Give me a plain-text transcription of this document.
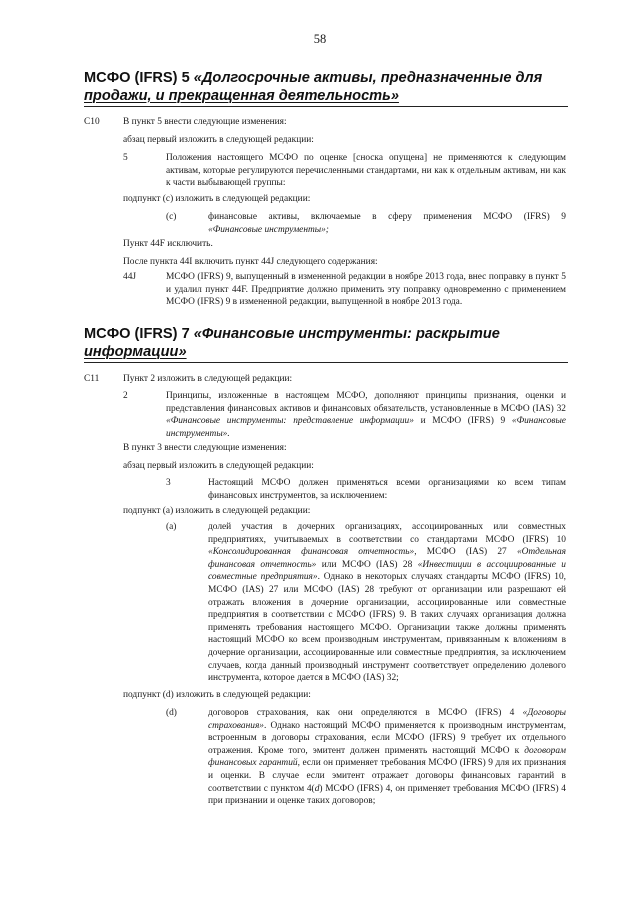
58
МСФО (IFRS) 5 «Долгосрочные активы, предназначенные для
продажи, и прекращенная деятельность»
C10 В пункт 5 внести следующие изменения:
абзац первый изложить в следующей редакции:
5	Положения настоящего МСФО по оценке [сноска опущена] не применяются к следующим активам, которые регулируются перечисленными стандартами, ни как к отдельным активам, ни как к части выбывающей группы:
подпункт (с) изложить в следующей редакции:
(c)	финансовые активы, включаемые в сферу применения МСФО (IFRS) 9
«Финансовые инструменты»;
Пункт 44F исключить.
После пункта 44I включить пункт 44J следующего содержания:
44J	МСФО (IFRS) 9, выпущенный в измененной редакции в ноябре 2013 года, внес поправку в пункт 5 и удалил пункт 44F. Предприятие должно применить эту поправку одновременно с применением МСФО (IFRS) 9 в измененной редакции, выпущенной в ноябре 2013 года.
МСФО (IFRS) 7 «Финансовые инструменты: раскрытие
информации»
C11	Пункт 2 изложить в следующей редакции:
2	Принципы, изложенные в настоящем МСФО, дополняют принципы признания, оценки и представления финансовых активов и финансовых обязательств, установленные в МСФО (IAS) 32 «Финансовые инструменты: представление информации» и МСФО (IFRS) 9 «Финансовые инструменты».
В пункт 3 внести следующие изменения:
абзац первый изложить в следующей редакции:
3	Настоящий МСФО должен применяться всеми организациями ко всем типам финансовых инструментов, за исключением:
подпункт (а) изложить в следующей редакции:
(a)	долей участия в дочерних организациях, ассоциированных или совместных предприятиях, учитываемых в соответствии со стандартами МСФО (IFRS) 10 «Консолидированная финансовая отчетность», МСФО (IAS) 27 «Отдельная финансовая отчетность» или МСФО (IAS) 28 «Инвестиции в ассоциированные и совместные предприятия». Однако в некоторых случаях стандарты МСФО (IFRS) 10, МСФО (IAS) 27 или МСФО (IAS) 28 требуют от организации или разрешают ей отражать вложения в дочерние организации, ассоциированные или совместные предприятия в соответствии с МСФО (IFRS) 9. В таких случаях организация должна применять требования настоящего МСФО. Организации также должны применять настоящий МСФО ко всем производным инструментам, привязанным к вложениям в дочерние организации, ассоциированные или совместные предприятия, за исключением случаев, когда данный производный инструмент соответствует определению долевого инструмента, которое дается в МСФО (IAS) 32;
подпункт (d) изложить в следующей редакции:
(d)	договоров страхования, как они определяются в МСФО (IFRS) 4 «Договоры страхования». Однако настоящий МСФО применяется к производным инструментам, встроенным в договоры страхования, если МСФО (IFRS) 9 требует их отдельного отражения. Кроме того, эмитент должен применять настоящий МСФО к договорам финансовых гарантий, если он применяет требования МСФО (IFRS) 9 для их признания и оценки. В случае если эмитент отражает договоры финансовых гарантий в соответствии с пунктом 4(d) МСФО (IFRS) 4, он применяет требования МСФО (IFRS) 4 при признании и оценке таких договоров;
